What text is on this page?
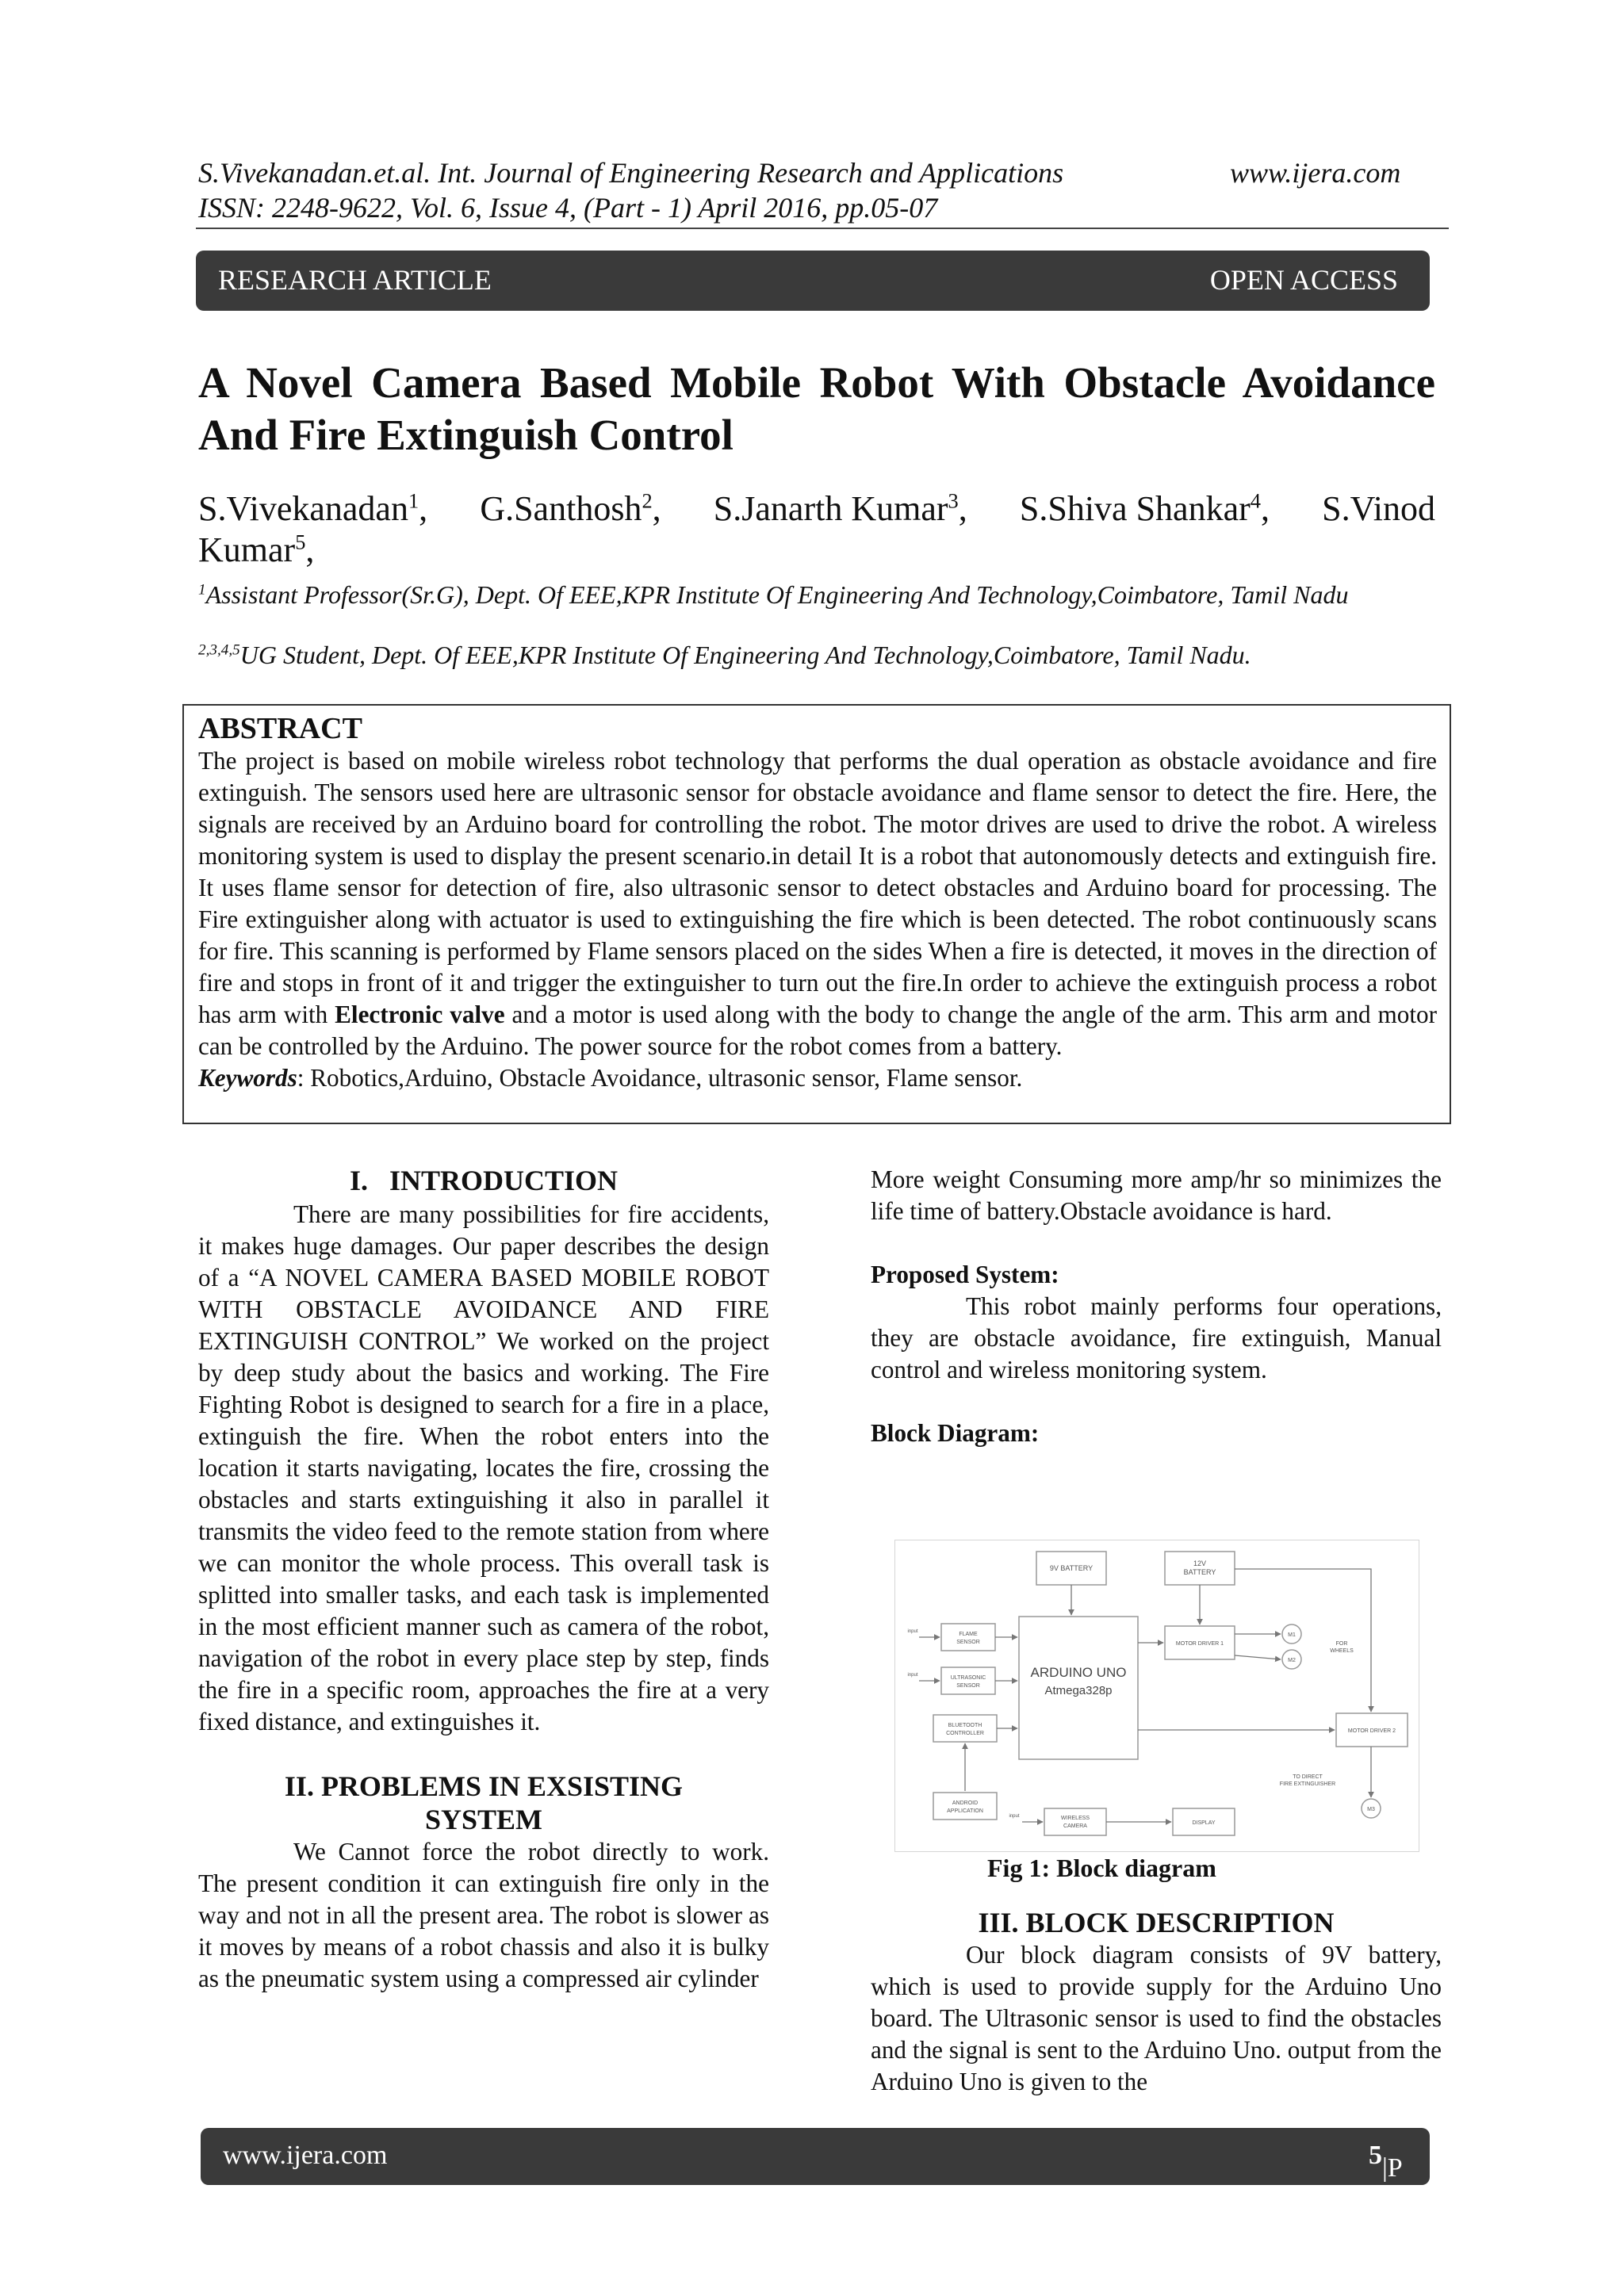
S.Vivekanadan.et.al. Int. Journal of Engineering Research and Applications	www.ijera.com
ISSN: 2248-9622, Vol. 6, Issue 4, (Part - 1) April 2016, pp.05-07
RESEARCH ARTICLE	OPEN ACCESS
A Novel Camera Based Mobile Robot With Obstacle Avoidance
And Fire Extinguish Control
S.Vivekanadan$^1$, G.Santhosh$^2$, S.Janarth Kumar$^3$, S.Shiva Shankar$^4$, S.Vinod
Kumar$^5$,
$^1$Assistant Professor(Sr.G), Dept. Of EEE,KPR Institute Of Engineering And Technology,Coimbatore, Tamil Nadu
$^{2,3,4,5}$UG Student, Dept. Of EEE,KPR Institute Of Engineering And Technology,Coimbatore, Tamil Nadu.
ABSTRACT

The project is based on mobile wireless robot technology that performs the dual operation as obstacle avoidance and fire extinguish. The sensors used here are ultrasonic sensor for obstacle avoidance and flame sensor to detect the fire. Here, the signals are received by an Arduino board for controlling the robot. The motor drives are used to drive the robot. A wireless monitoring system is used to display the present scenario.in detail It is a robot that autonomously detects and extinguish fire. It uses flame sensor for detection of fire, also ultrasonic sensor to detect obstacles and Arduino board for processing. The Fire extinguisher along with actuator is used to extinguishing the fire which is been detected. The robot continuously scans for fire. This scanning is performed by Flame sensors placed on the sides When a fire is detected, it moves in the direction of fire and stops in front of it and trigger the extinguisher to turn out the fire.In order to achieve the extinguish process a robot has arm with Electronic valve and a motor is used along with the body to change the angle of the arm. This arm and motor can be controlled by the Arduino. The power source for the robot comes from a battery.

Keywords: Robotics,Arduino, Obstacle Avoidance, ultrasonic sensor, Flame sensor.

I. INTRODUCTION

There are many possibilities for fire accidents, it makes huge damages. Our paper describes the design of a “A NOVEL CAMERA BASED MOBILE ROBOT WITH OBSTACLE AVOIDANCE AND FIRE EXTINGUISH CONTROL” We worked on the project by deep study about the basics and working. The Fire Fighting Robot is designed to search for a fire in a place, extinguish the fire. When the robot enters into the location it starts navigating, locates the fire, crossing the obstacles and starts extinguishing it also in parallel it transmits the video feed to the remote station from where we can monitor the whole process. This overall task is splitted into smaller tasks, and each task is implemented in the most efficient manner such as camera of the robot, navigation of the robot in every place step by step, finds the fire in a specific room, approaches the fire at a very fixed distance, and extinguishes it.

II. PROBLEMS IN EXSISTING
SYSTEM

We Cannot force the robot directly to work. The present condition it can extinguish fire only in the way and not in all the present area. The robot is slower as it moves by means of a robot chassis and also it is bulky as the pneumatic system using a compressed air cylinder

More weight Consuming more amp/hr so minimizes the life time of battery.Obstacle avoidance is hard.

Proposed System:

This robot mainly performs four operations, they are obstacle avoidance, fire extinguish, Manual control and wireless monitoring system.

Block Diagram:
9V BATTERY
12V
BATTERY
FLAME
SENSOR
ULTRASONIC
SENSOR
BLUETOOTH
CONTROLLER
ANDROID
APPLICATION
ARDUINO UNO
Atmega328p
MOTOR DRIVER 1
MOTOR DRIVER 2
M1
M2
M3
FOR
WHEELS
TO DIRECT
FIRE EXTINGUISHER
WIRELESS
CAMERA
DISPLAY
input
input
input
Fig 1: Block diagram
III. BLOCK DESCRIPTION

Our block diagram consists of 9V battery, which is used to provide supply for the Arduino Uno board. The Ultrasonic sensor is used to find the obstacles and the signal is sent to the Arduino Uno. output from the Arduino Uno is given to the

www.ijera.com	5 |P a g e
